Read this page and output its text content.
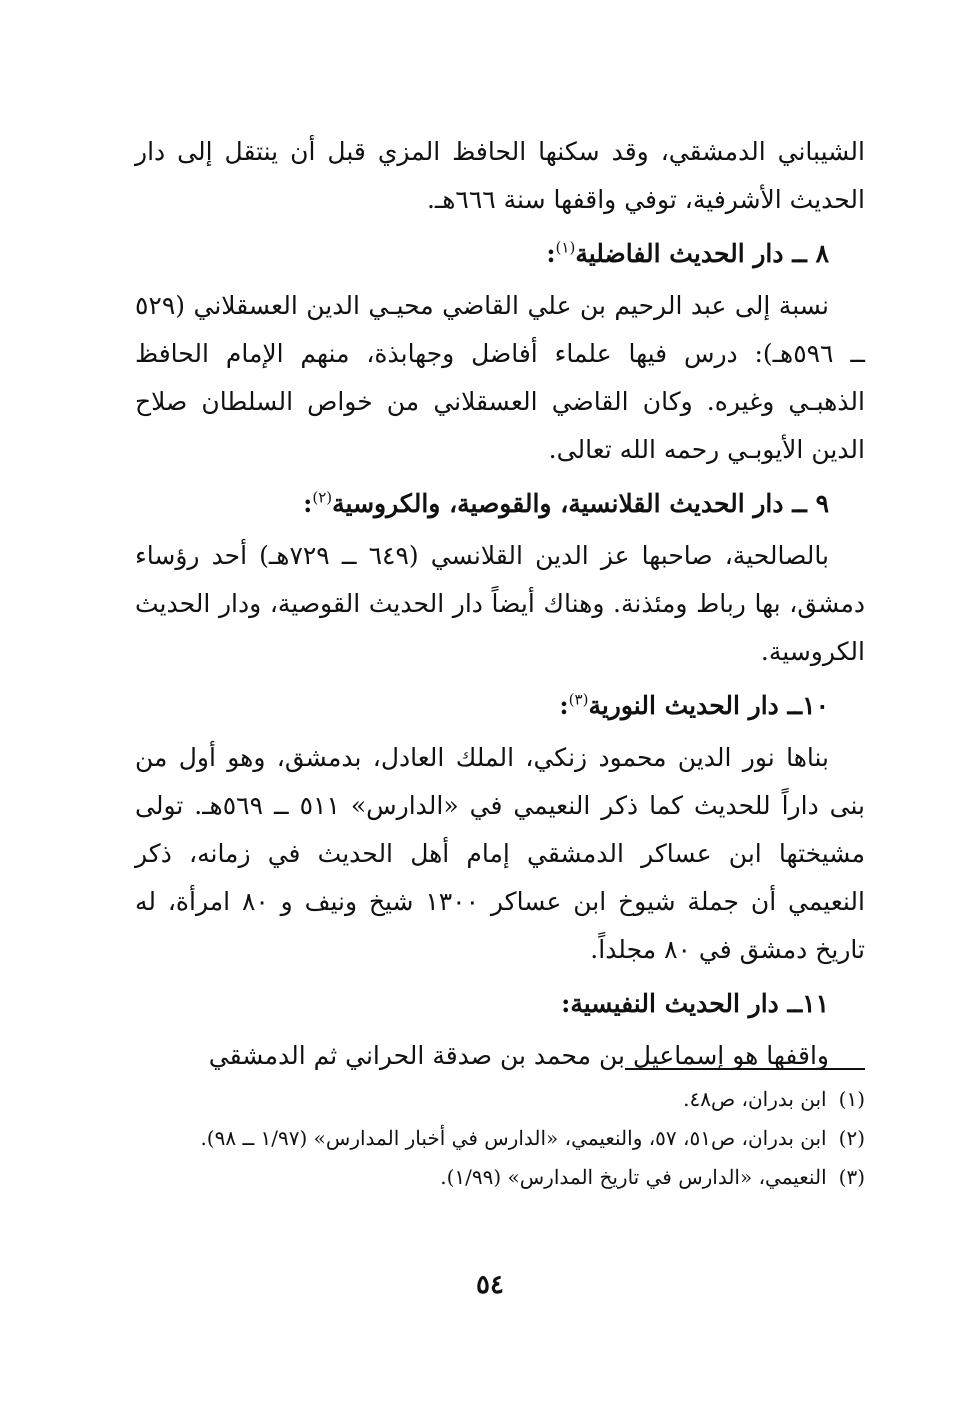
الشيباني الدمشقي، وقد سكنها الحافظ المزي قبل أن ينتقل إلى دار الحديث الأشرفية، توفي واقفها سنة ٦٦٦هـ.

٨ ــ دار الحديث الفاضلية$^{(١)}$:

نسبة إلى عبد الرحيم بن علي القاضي محيـي الدين العسقلاني (٥٢٩ ــ ٥٩٦هـ): درس فيها علماء أفاضل وجهابذة، منهم الإمام الحافظ الذهبـي وغيره. وكان القاضي العسقلاني من خواص السلطان صلاح الدين الأيوبـي رحمه الله تعالى.

٩ ــ دار الحديث القلانسية، والقوصية، والكروسية$^{(٢)}$:

بالصالحية، صاحبها عز الدين القلانسي (٦٤٩ ــ ٧٢٩هـ) أحد رؤساء دمشق، بها رباط ومئذنة. وهناك أيضاً دار الحديث القوصية، ودار الحديث الكروسية.

١٠ــ دار الحديث النورية$^{(٣)}$:

بناها نور الدين محمود زنكي، الملك العادل، بدمشق، وهو أول من بنى داراً للحديث كما ذكر النعيمي في «الدارس» ٥١١ ــ ٥٦٩هـ. تولى مشيختها ابن عساكر الدمشقي إمام أهل الحديث في زمانه، ذكر النعيمي أن جملة شيوخ ابن عساكر ١٣٠٠ شيخ ونيف و ٨٠ امرأة، له تاريخ دمشق في ٨٠ مجلداً.

١١ــ دار الحديث النفيسية:

واقفها هو إسماعيل بن محمد بن صدقة الحراني ثم الدمشقي

(١)ابن بدران، ص٤٨.

(٢)ابن بدران، ص٥١، ٥٧، والنعيمي، «الدارس في أخبار المدارس» (١/٩٧ ــ ٩٨).

(٣)النعيمي، «الدارس في تاريخ المدارس» (١/٩٩).

٥٤
